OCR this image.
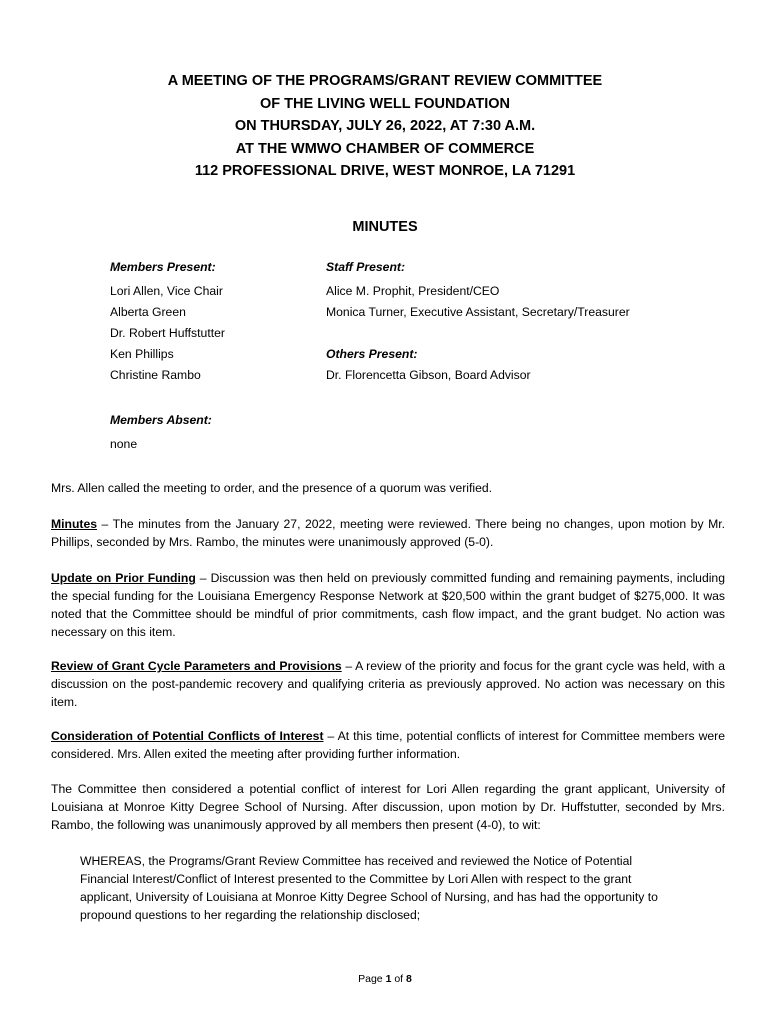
A MEETING OF THE PROGRAMS/GRANT REVIEW COMMITTEE
OF THE LIVING WELL FOUNDATION
ON THURSDAY, JULY 26, 2022, AT 7:30 A.M.
AT THE WMWO CHAMBER OF COMMERCE
112 PROFESSIONAL DRIVE, WEST MONROE, LA 71291
MINUTES
Members Present:
Lori Allen, Vice Chair
Alberta Green
Dr. Robert Huffstutter
Ken Phillips
Christine Rambo
Staff Present:
Alice M. Prophit, President/CEO
Monica Turner, Executive Assistant, Secretary/Treasurer
Others Present:
Dr. Florencetta Gibson, Board Advisor
Members Absent:
none
Mrs. Allen called the meeting to order, and the presence of a quorum was verified.
Minutes – The minutes from the January 27, 2022, meeting were reviewed. There being no changes, upon motion by Mr. Phillips, seconded by Mrs. Rambo, the minutes were unanimously approved (5-0).
Update on Prior Funding – Discussion was then held on previously committed funding and remaining payments, including the special funding for the Louisiana Emergency Response Network at $20,500 within the grant budget of $275,000. It was noted that the Committee should be mindful of prior commitments, cash flow impact, and the grant budget. No action was necessary on this item.
Review of Grant Cycle Parameters and Provisions – A review of the priority and focus for the grant cycle was held, with a discussion on the post-pandemic recovery and qualifying criteria as previously approved. No action was necessary on this item.
Consideration of Potential Conflicts of Interest – At this time, potential conflicts of interest for Committee members were considered. Mrs. Allen exited the meeting after providing further information.
The Committee then considered a potential conflict of interest for Lori Allen regarding the grant applicant, University of Louisiana at Monroe Kitty Degree School of Nursing. After discussion, upon motion by Dr. Huffstutter, seconded by Mrs. Rambo, the following was unanimously approved by all members then present (4-0), to wit:
WHEREAS, the Programs/Grant Review Committee has received and reviewed the Notice of Potential Financial Interest/Conflict of Interest presented to the Committee by Lori Allen with respect to the grant applicant, University of Louisiana at Monroe Kitty Degree School of Nursing, and has had the opportunity to propound questions to her regarding the relationship disclosed;
Page 1 of 8
